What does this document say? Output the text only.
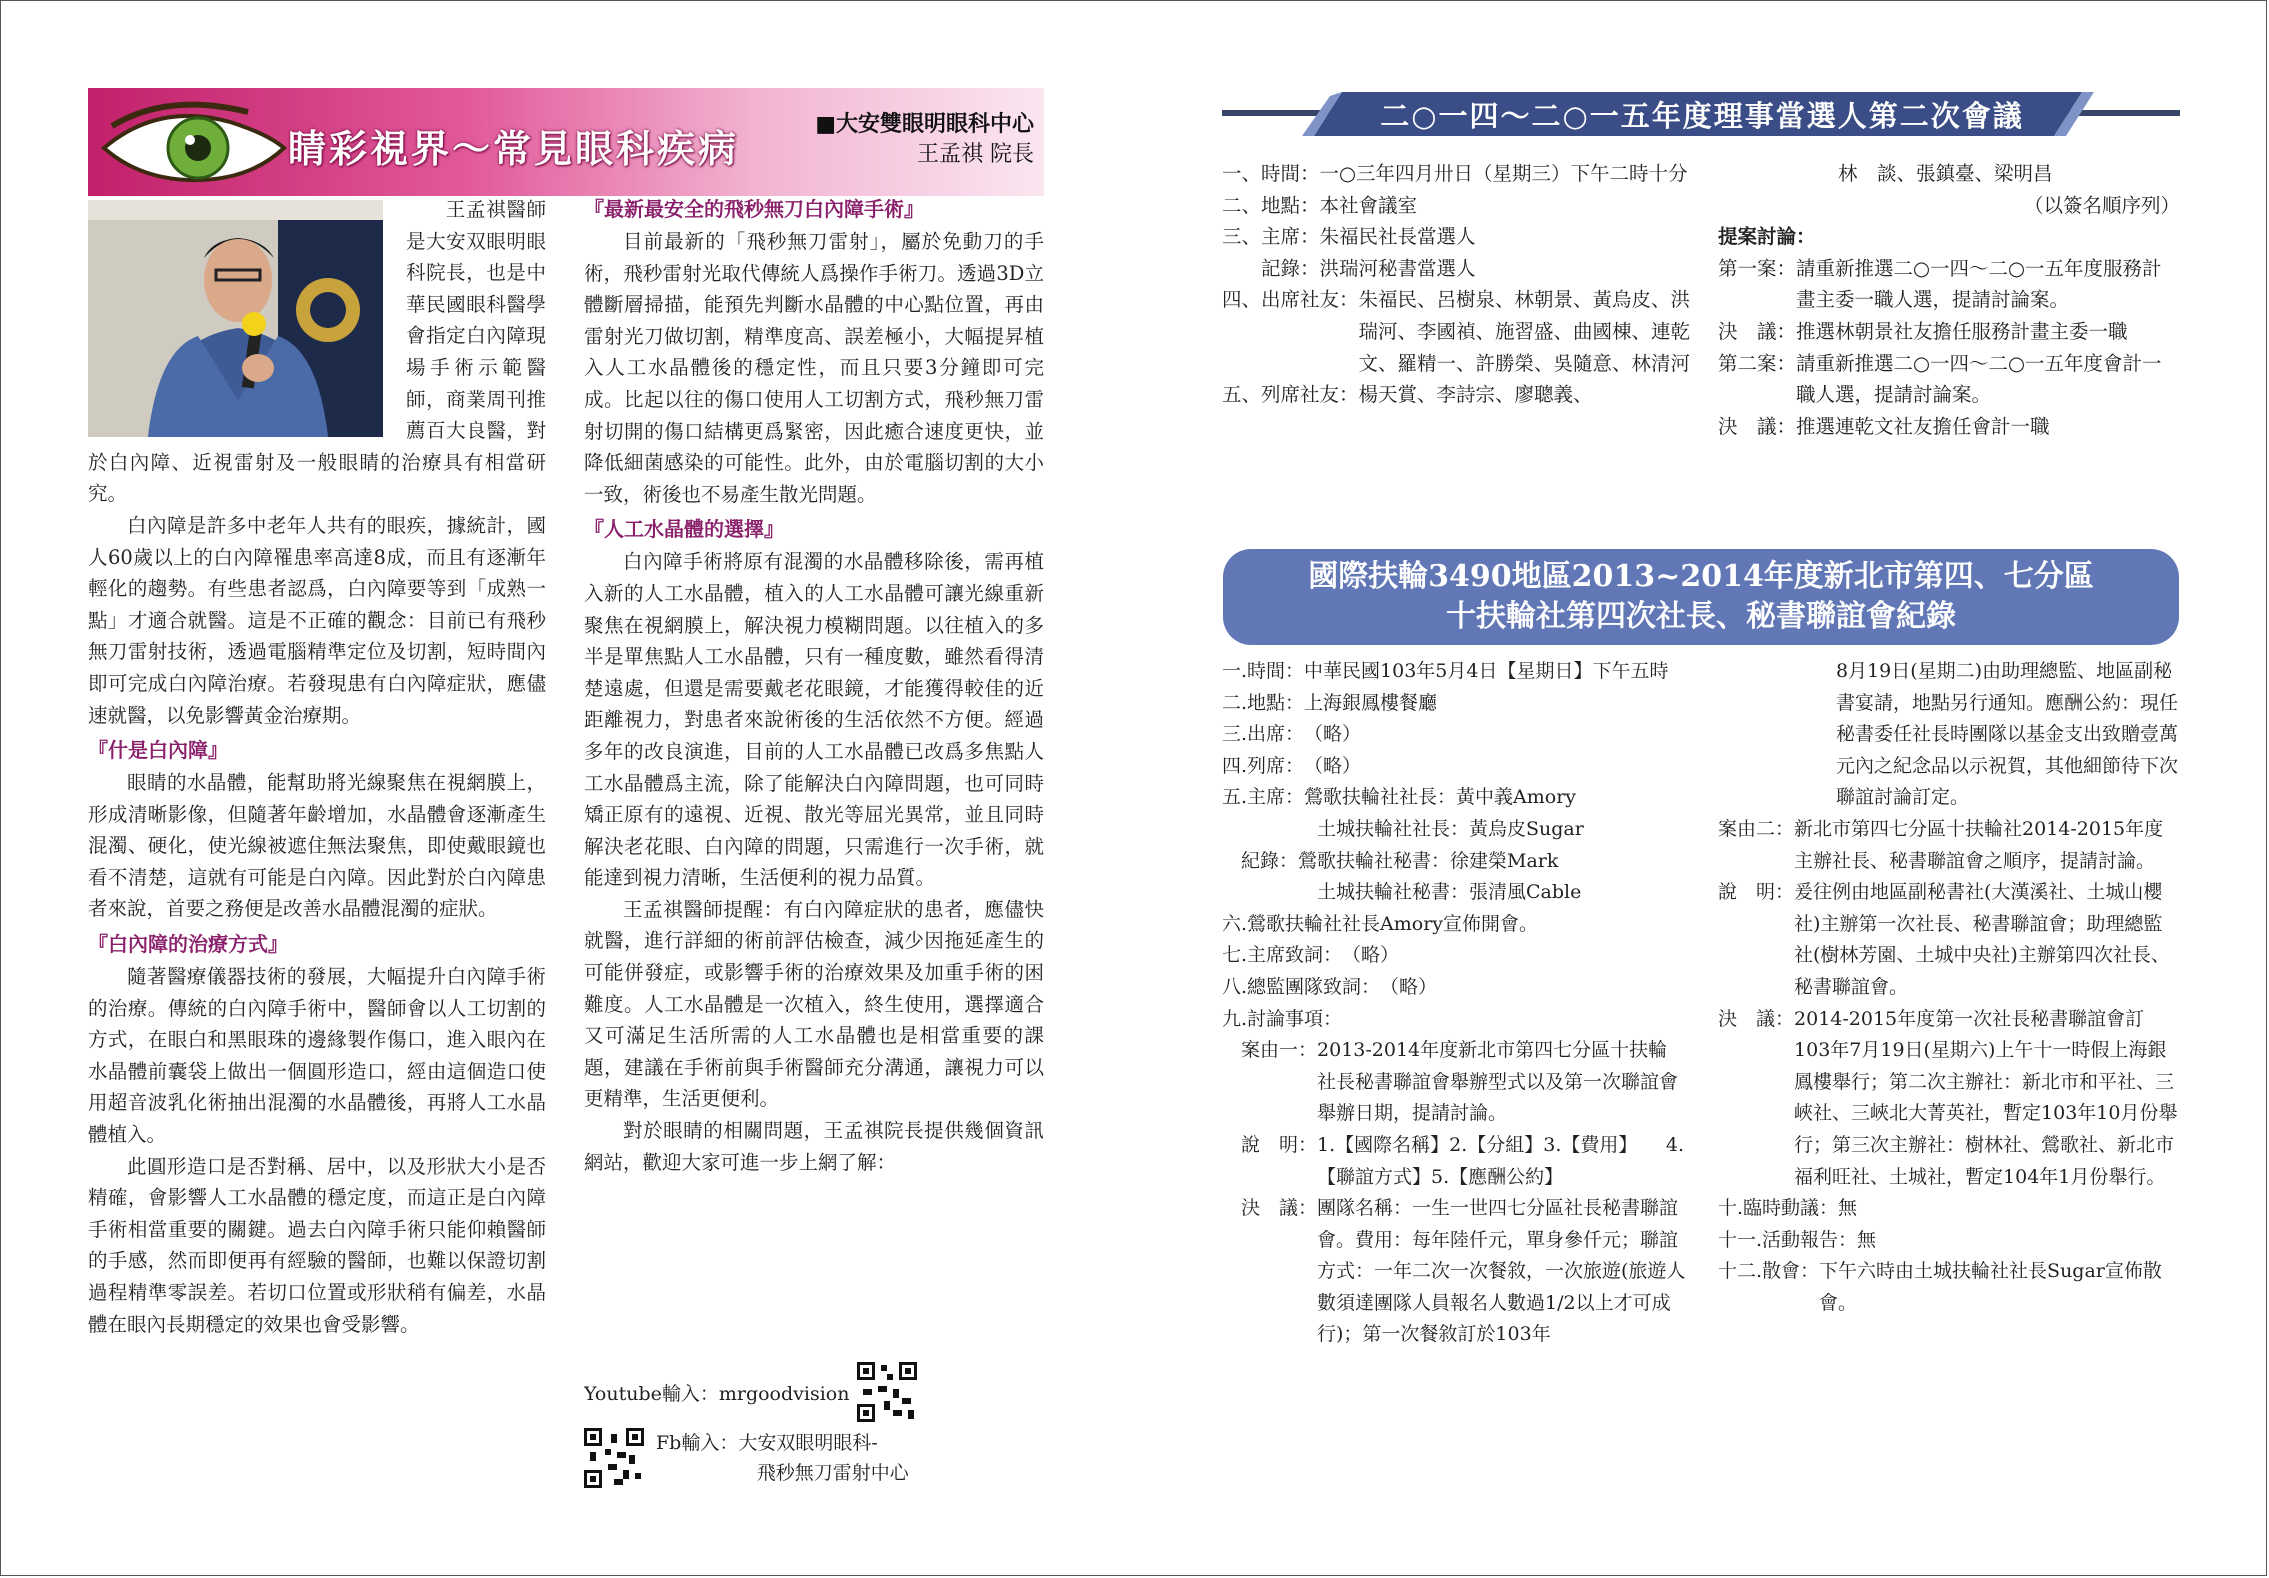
睛彩視界～常見眼科疾病
■大安雙眼明眼科中心
王孟祺 院長

王孟祺醫師是大安双眼明眼科院長，也是中華民國眼科醫學會指定白內障現場手術示範醫師，商業周刊推薦百大良醫，對於白內障、近視雷射及一般眼睛的治療具有相當研究。

白內障是許多中老年人共有的眼疾，據統計，國人60歲以上的白內障罹患率高達8成，而且有逐漸年輕化的趨勢。有些患者認爲，白內障要等到「成熟一點」才適合就醫。這是不正確的觀念：目前已有飛秒無刀雷射技術，透過電腦精準定位及切割，短時間內即可完成白內障治療。若發現患有白內障症狀，應儘速就醫，以免影響黃金治療期。

『什是白內障』

眼睛的水晶體，能幫助將光線聚焦在視網膜上，形成清晰影像，但隨著年齡增加，水晶體會逐漸產生混濁、硬化，使光線被遮住無法聚焦，即使戴眼鏡也看不清楚，這就有可能是白內障。因此對於白內障患者來說，首要之務便是改善水晶體混濁的症狀。

『白內障的治療方式』

隨著醫療儀器技術的發展，大幅提升白內障手術的治療。傳統的白內障手術中，醫師會以人工切割的方式，在眼白和黑眼珠的邊緣製作傷口，進入眼內在水晶體前囊袋上做出一個圓形造口，經由這個造口使用超音波乳化術抽出混濁的水晶體後，再將人工水晶體植入。

此圓形造口是否對稱、居中，以及形狀大小是否精確，會影響人工水晶體的穩定度，而這正是白內障手術相當重要的關鍵。過去白內障手術只能仰賴醫師的手感，然而即便再有經驗的醫師，也難以保證切割過程精準零誤差。若切口位置或形狀稍有偏差，水晶體在眼內長期穩定的效果也會受影響。

『最新最安全的飛秒無刀白內障手術』

目前最新的「飛秒無刀雷射」，屬於免動刀的手術，飛秒雷射光取代傳統人爲操作手術刀。透過3D立體斷層掃描，能預先判斷水晶體的中心點位置，再由雷射光刀做切割，精準度高、誤差極小，大幅提昇植入人工水晶體後的穩定性，而且只要3分鐘即可完成。比起以往的傷口使用人工切割方式，飛秒無刀雷射切開的傷口結構更爲緊密，因此癒合速度更快，並降低細菌感染的可能性。此外，由於電腦切割的大小一致，術後也不易產生散光問題。

『人工水晶體的選擇』

白內障手術將原有混濁的水晶體移除後，需再植入新的人工水晶體，植入的人工水晶體可讓光線重新聚焦在視網膜上，解決視力模糊問題。以往植入的多半是單焦點人工水晶體，只有一種度數，雖然看得清楚遠處，但還是需要戴老花眼鏡，才能獲得較佳的近距離視力，對患者來說術後的生活依然不方便。經過多年的改良演進，目前的人工水晶體已改爲多焦點人工水晶體爲主流，除了能解決白內障問題，也可同時矯正原有的遠視、近視、散光等屈光異常，並且同時解決老花眼、白內障的問題，只需進行一次手術，就能達到視力清晰，生活便利的視力品質。

王孟祺醫師提醒：有白內障症狀的患者，應儘快就醫，進行詳細的術前評估檢查，減少因拖延產生的可能併發症，或影響手術的治療效果及加重手術的困難度。人工水晶體是一次植入，終生使用，選擇適合又可滿足生活所需的人工水晶體也是相當重要的課題，建議在手術前與手術醫師充分溝通，讓視力可以更精準，生活更便利。

對於眼睛的相關問題，王孟祺院長提供幾個資訊網站，歡迎大家可進一步上網了解：

Youtube輸入：mrgoodvision
Fb輸入：大安双眼明眼科-
飛秒無刀雷射中心
二○一四～二○一五年度理事當選人第二次會議
一、時間： 一○三年四月卅日（星期三）下午二時十分
二、地點： 本社會議室
三、主席： 朱福民社長當選人
　　記錄： 洪瑞河秘書當選人
四、出席社友： 朱福民、呂樹泉、林朝景、黃烏皮、洪瑞河、李國禎、施習盛、曲國棟、連乾文、羅精一、許勝榮、吳隨意、林清河
五、列席社友： 楊天賞、李詩宗、廖聰義、
林　談、張鎮臺、梁明昌
（以簽名順序列）
提案討論：
第一案： 請重新推選二○一四～二○一五年度服務計畫主委一職人選，提請討論案。
決　議： 推選林朝景社友擔任服務計畫主委一職
第二案： 請重新推選二○一四～二○一五年度會計一職人選，提請討論案。
決　議： 推選連乾文社友擔任會計一職
國際扶輪3490地區2013~2014年度新北市第四、七分區
十扶輪社第四次社長、秘書聯誼會紀錄
一.時間： 中華民國103年5月4日【星期日】下午五時
二.地點： 上海銀鳳樓餐廳
三.出席： （略）
四.列席： （略）
五.主席： 鶯歌扶輪社社長：黃中義Amory

土城扶輪社社長：黃烏皮Sugar
　紀錄： 鶯歌扶輪社秘書：徐建榮Mark

土城扶輪社秘書：張清風Cable
六. 鶯歌扶輪社社長Amory宣佈開會。
七.主席致詞： （略）
八.總監團隊致詞： （略）
九.討論事項：
　案由一： 2013-2014年度新北市第四七分區十扶輪社長秘書聯誼會舉辦型式以及第一次聯誼會舉辦日期，提請討論。
　說　明： 1.【國際名稱】2.【分組】3.【費用】　　4.【聯誼方式】5.【應酬公約】
　決　議： 團隊名稱：一生一世四七分區社長秘書聯誼會。費用：每年陸仟元，單身參仟元；聯誼方式：一年二次一次餐敘，一次旅遊(旅遊人數須達團隊人員報名人數過1/2以上才可成行)；第一次餐敘訂於103年
8月19日(星期二)由助理總監、地區副秘書宴請，地點另行通知。應酬公約：現任秘書委任社長時團隊以基金支出致贈壹萬元內之紀念品以示祝賀，其他細節待下次聯誼討論訂定。
案由二： 新北市第四七分區十扶輪社2014-2015年度主辦社長、秘書聯誼會之順序，提請討論。
說　明： 爰往例由地區副秘書社(大漢溪社、土城山櫻社)主辦第一次社長、秘書聯誼會；助理總監社(樹林芳園、土城中央社)主辦第四次社長、秘書聯誼會。
決　議： 2014-2015年度第一次社長秘書聯誼會訂103年7月19日(星期六)上午十一時假上海銀鳳樓舉行；第二次主辦社：新北市和平社、三峽社、三峽北大菁英社，暫定103年10月份舉行；第三次主辦社：樹林社、鶯歌社、新北市福利旺社、土城社，暫定104年1月份舉行。
十.臨時動議： 無
十一.活動報告： 無
十二.散會： 下午六時由土城扶輪社社長Sugar宣佈散會。
